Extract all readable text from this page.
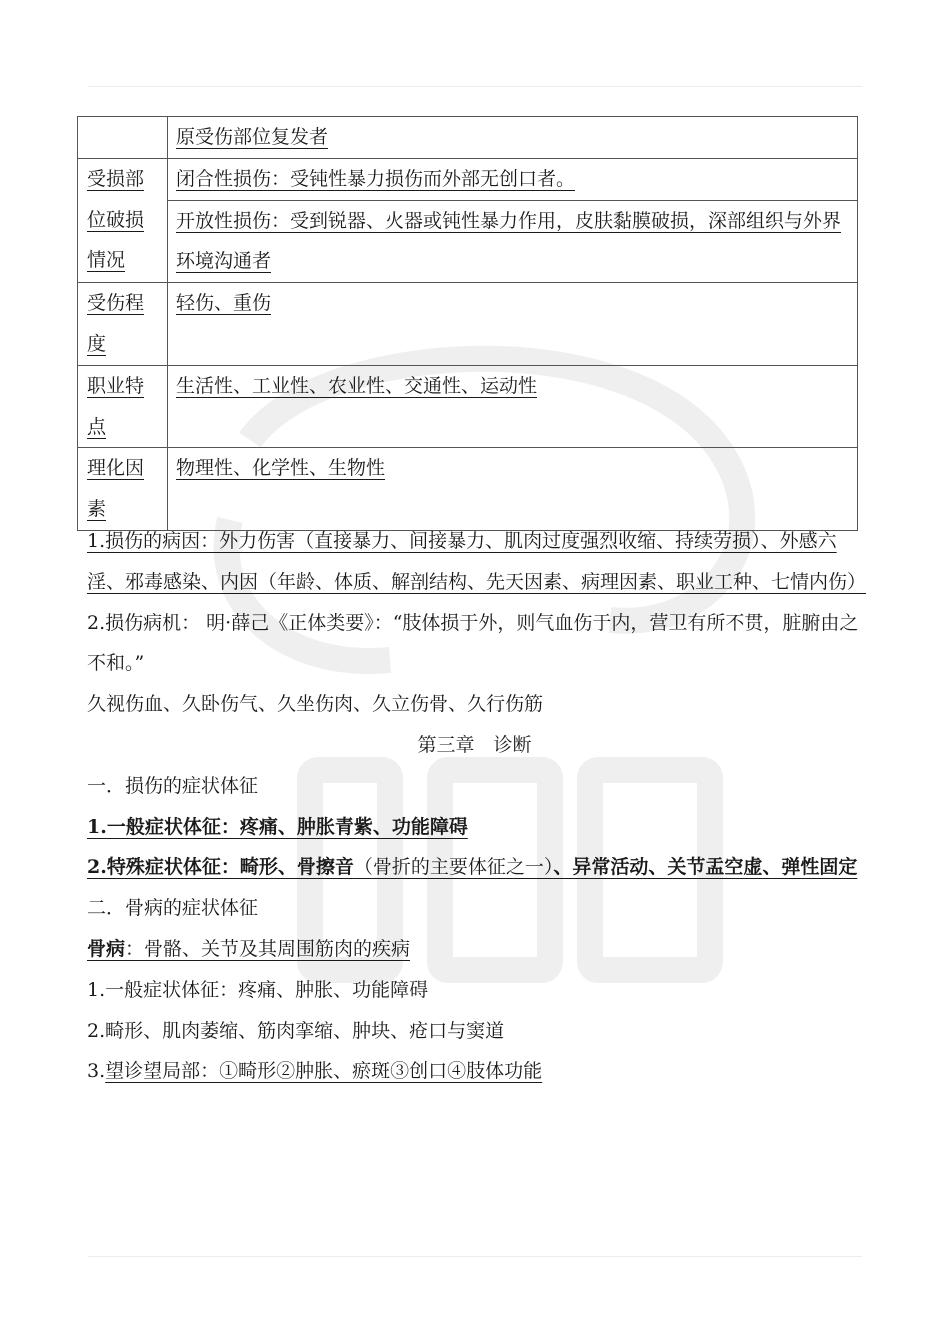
	原受伤部位复发者
受损部位破损情况	闭合性损伤：受钝性暴力损伤而外部无创口者。
	开放性损伤：受到锐器、火器或钝性暴力作用，皮肤黏膜破损，深部组织与外界环境沟通者
受伤程度	轻伤、重伤
职业特点	生活性、工业性、农业性、交通性、运动性
理化因素	物理性、化学性、生物性

1.损伤的病因：外力伤害（直接暴力、间接暴力、肌肉过度强烈收缩、持续劳损）、外感六淫、邪毒感染、内因（年龄、体质、解剖结构、先天因素、病理因素、职业工种、七情内伤）

2.损伤病机： 明·薛己《正体类要》：“肢体损于外，则气血伤于内，营卫有所不贯，脏腑由之不和。”

久视伤血、久卧伤气、久坐伤肉、久立伤骨、久行伤筋

第三章　诊断

一．损伤的症状体征

1.一般症状体征：疼痛、肿胀青紫、功能障碍

2.特殊症状体征：畸形、骨擦音（骨折的主要体征之一）、异常活动、关节盂空虚、弹性固定

二．骨病的症状体征

骨病：骨骼、关节及其周围筋肉的疾病

1.一般症状体征：疼痛、肿胀、功能障碍

2.畸形、肌肉萎缩、筋肉挛缩、肿块、疮口与窦道

3.望诊望局部：①畸形②肿胀、瘀斑③创口④肢体功能
